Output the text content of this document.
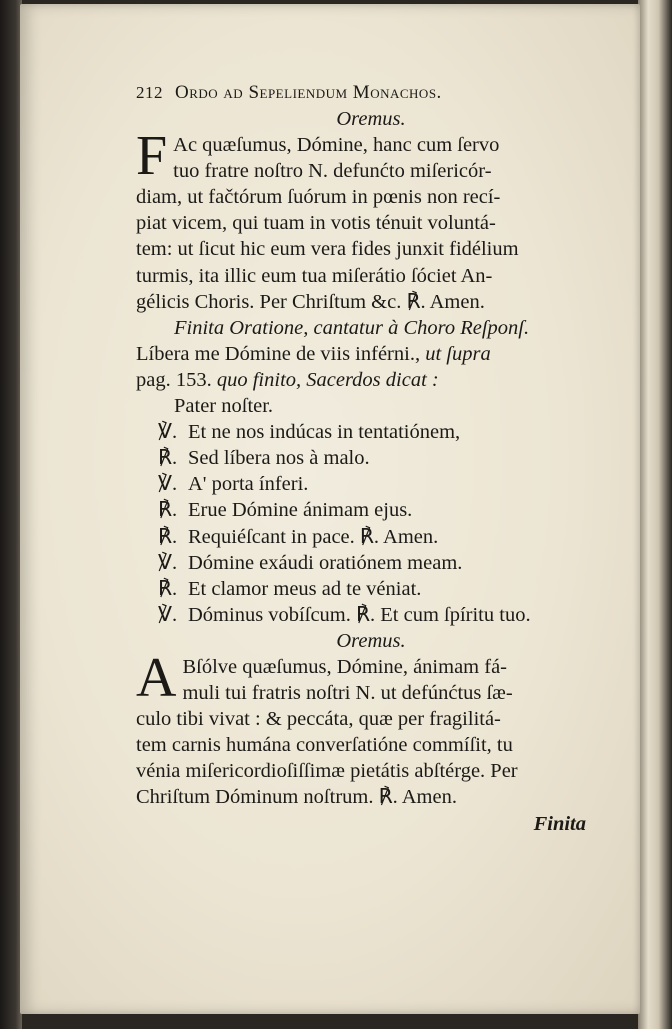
212 Ordo ad Sepeliendum Monachos.
Oremus.
F Ac quæſumus, Dómine, hanc cum ſervo
tuo fratre noſtro N. defunćto miſericór-
diam, ut fačtórum ſuórum in pœnis non recí-
piat vicem, qui tuam in votis ténuit voluntá-
tem: ut ſicut hic eum vera fides junxit fidélium
turmis, ita illic eum tua miſerátio ſóciet An-
gélicis Choris. Per Chriſtum &c. ℟. Amen.
Finita Oratione, cantatur à Choro Reſponſ.
Líbera me Dómine de viis inférni., ut ſupra
pag. 153. quo finito, Sacerdos dicat :
Pater noſter.
℣. Et ne nos indúcas in tentatiónem,
℟. Sed líbera nos à malo.
℣. A' porta ínferi.
℟. Erue Dómine ánimam ejus.
℟. Requiéſcant in pace. ℟. Amen.
℣. Dómine exáudi oratiónem meam.
℟. Et clamor meus ad te véniat.
℣. Dóminus vobíſcum. ℟. Et cum ſpíritu tuo.
Oremus.
A Bſólve quæſumus, Dómine, ánimam fá-
muli tui fratris noſtri N. ut defúnćtus ſæ-
culo tibi vivat : & peccáta, quæ per fragilitá-
tem carnis humána converſatióne commíſit, tu
vénia miſericordioſiſſimæ pietátis abſtérge. Per
Chriſtum Dóminum noſtrum. ℟. Amen.
Finita
